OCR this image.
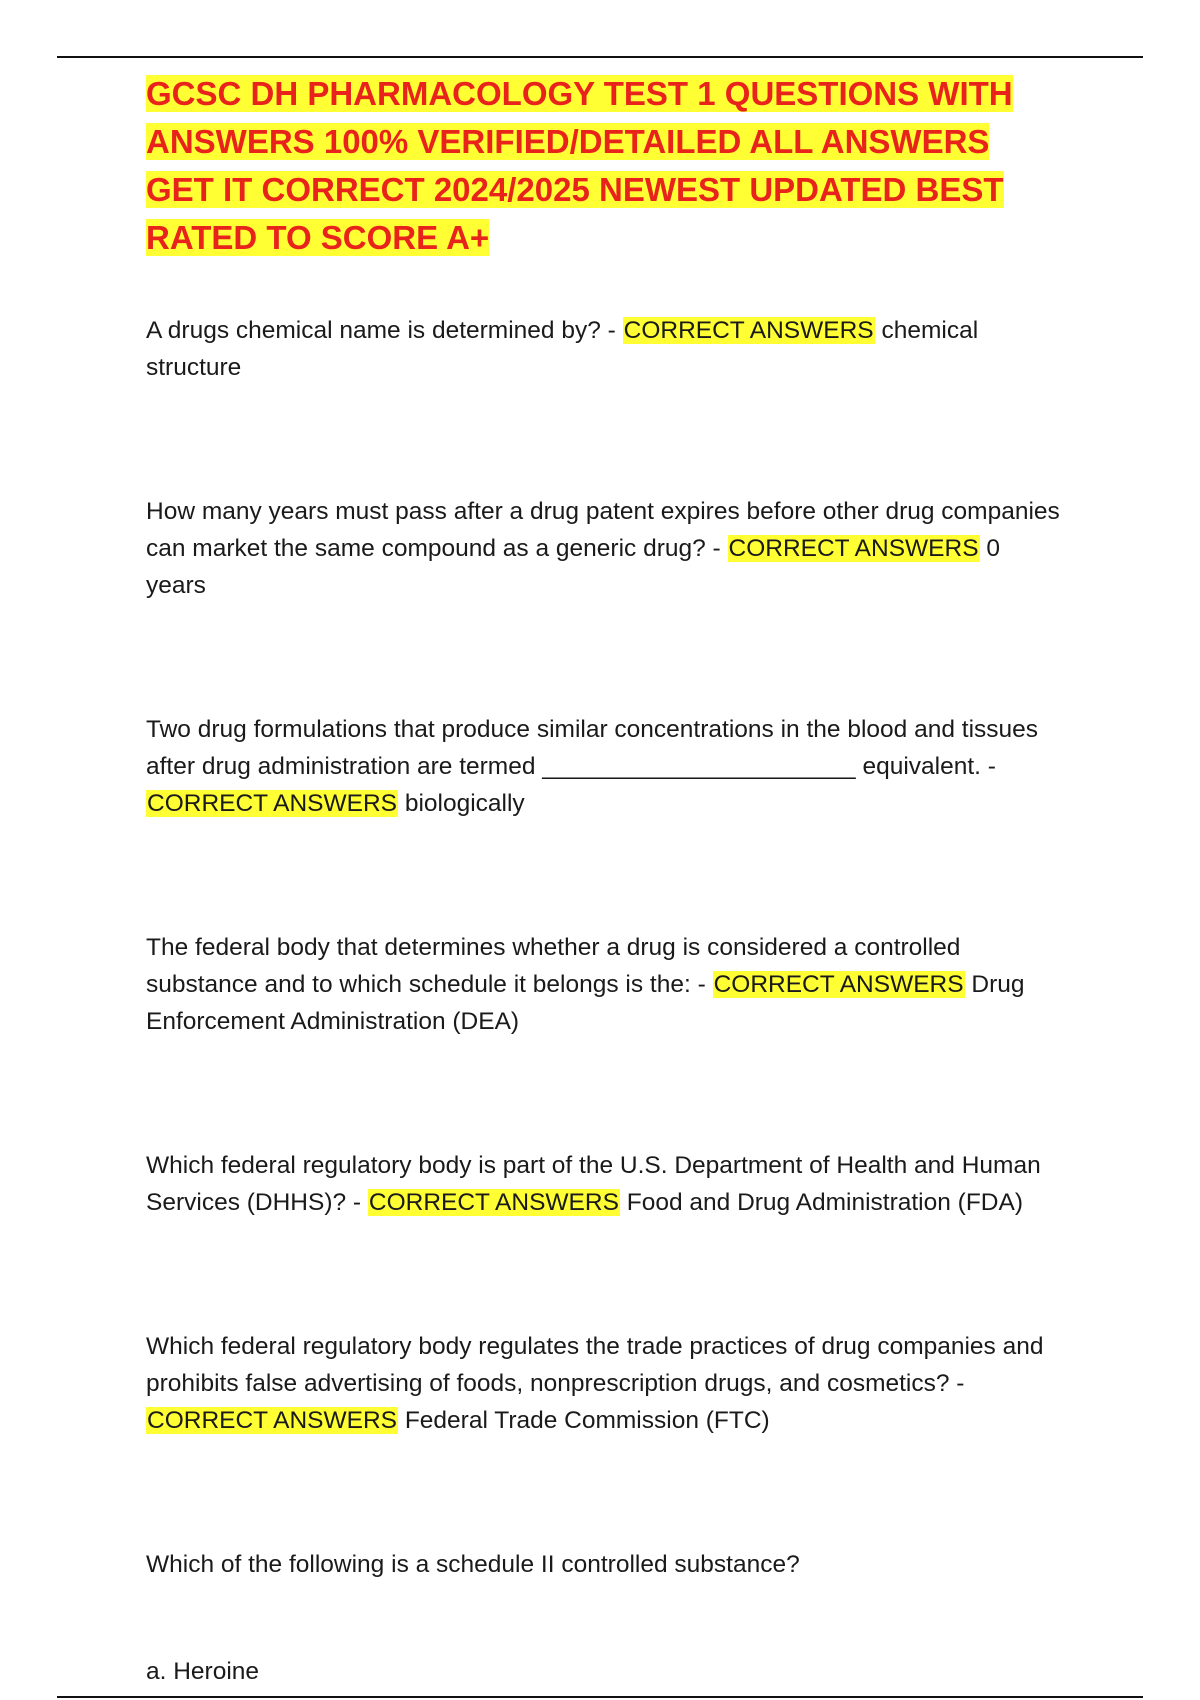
GCSC DH PHARMACOLOGY TEST 1 QUESTIONS WITH ANSWERS 100% VERIFIED/DETAILED ALL ANSWERS GET IT CORRECT 2024/2025 NEWEST UPDATED BEST RATED TO SCORE A+

A drugs chemical name is determined by? - CORRECT ANSWERS chemical structure

How many years must pass after a drug patent expires before other drug companies can market the same compound as a generic drug? - CORRECT ANSWERS 0 years

Two drug formulations that produce similar concentrations in the blood and tissues after drug administration are termed _______________________ equivalent. - CORRECT ANSWERS biologically

The federal body that determines whether a drug is considered a controlled substance and to which schedule it belongs is the: - CORRECT ANSWERS Drug Enforcement Administration (DEA)

Which federal regulatory body is part of the U.S. Department of Health and Human Services (DHHS)? - CORRECT ANSWERS Food and Drug Administration (FDA)

Which federal regulatory body regulates the trade practices of drug companies and prohibits false advertising of foods, nonprescription drugs, and cosmetics? - CORRECT ANSWERS Federal Trade Commission (FTC)

Which of the following is a schedule II controlled substance?

a. Heroine
